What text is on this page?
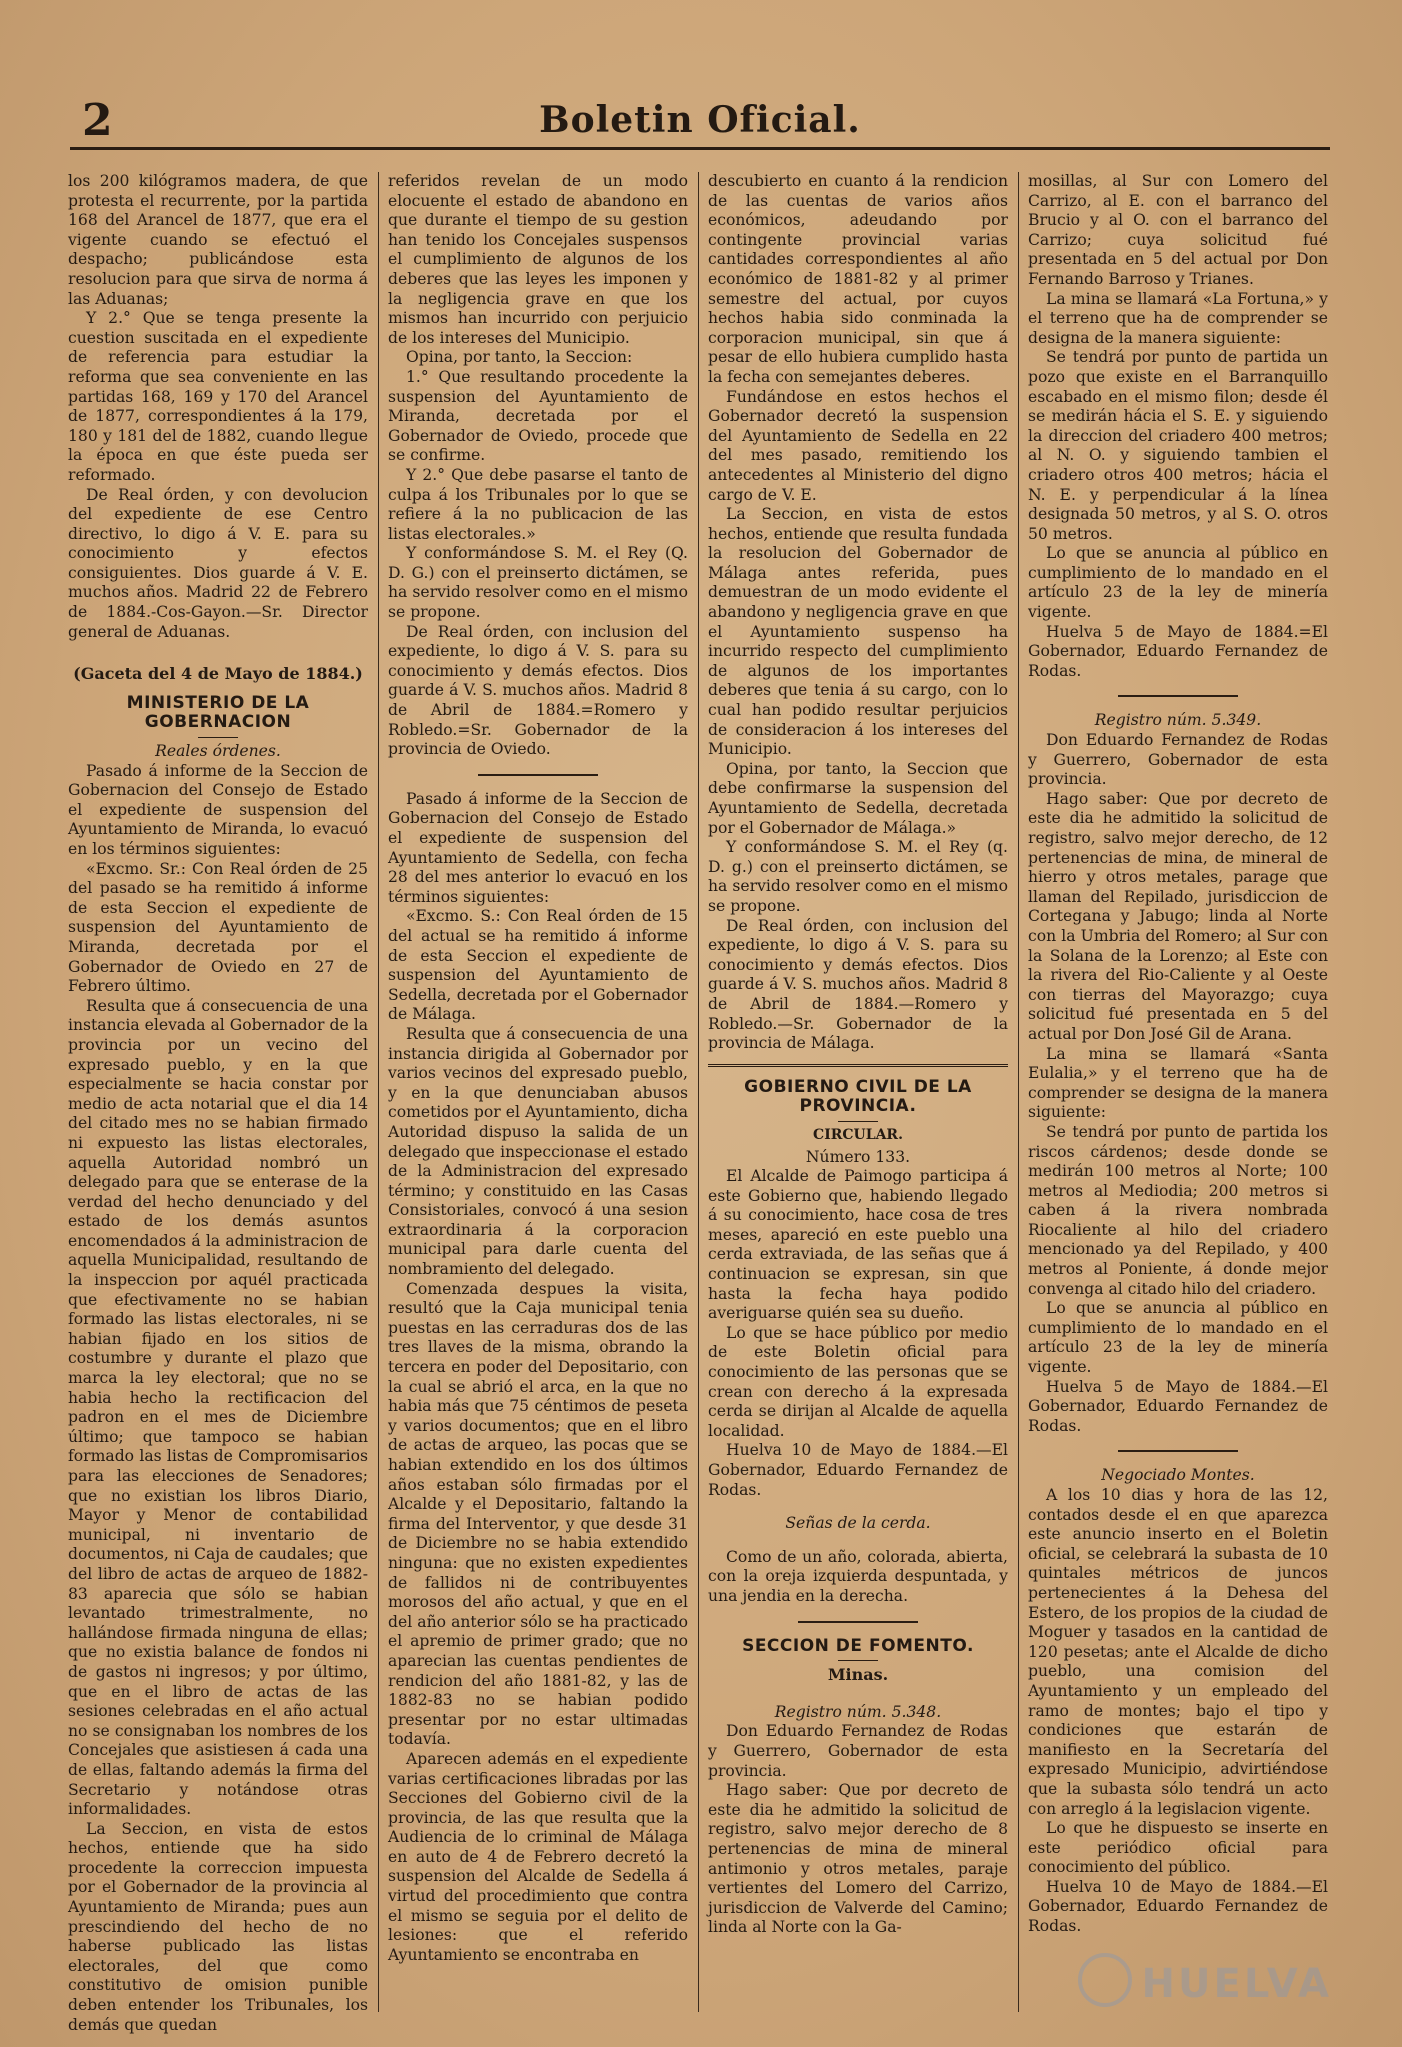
2	Boletin Oficial.

los 200 kilógramos madera, de que protesta el recurrente, por la partida 168 del Arancel de 1877, que era el vigente cuando se efectuó el despacho; publicándose esta resolucion para que sirva de norma á las Aduanas;

Y 2.° Que se tenga presente la cuestion suscitada en el expediente de referencia para estudiar la reforma que sea conveniente en las partidas 168, 169 y 170 del Arancel de 1877, correspondientes á la 179, 180 y 181 del de 1882, cuando llegue la época en que éste pueda ser reformado.

De Real órden, y con devolucion del expediente de ese Centro directivo, lo digo á V. E. para su conocimiento y efectos consiguientes. Dios guarde á V. E. muchos años. Madrid 22 de Febrero de 1884.-Cos-Gayon.—Sr. Director general de Aduanas.

(Gaceta del 4 de Mayo de 1884.)
MINISTERIO DE LA GOBERNACION

Reales órdenes.

Pasado á informe de la Seccion de Gobernacion del Consejo de Estado el expediente de suspension del Ayuntamiento de Miranda, lo evacuó en los términos siguientes:

«Excmo. Sr.: Con Real órden de 25 del pasado se ha remitido á informe de esta Seccion el expediente de suspension del Ayuntamiento de Miranda, decretada por el Gobernador de Oviedo en 27 de Febrero último.

Resulta que á consecuencia de una instancia elevada al Gobernador de la provincia por un vecino del expresado pueblo, y en la que especialmente se hacia constar por medio de acta notarial que el dia 14 del citado mes no se habian firmado ni expuesto las listas electorales, aquella Autoridad nombró un delegado para que se enterase de la verdad del hecho denunciado y del estado de los demás asuntos encomendados á la administracion de aquella Municipalidad, resultando de la inspeccion por aquél practicada que efectivamente no se habian formado las listas electorales, ni se habian fijado en los sitios de costumbre y durante el plazo que marca la ley electoral; que no se habia hecho la rectificacion del padron en el mes de Diciembre último; que tampoco se habian formado las listas de Compromisarios para las elecciones de Senadores; que no existian los libros Diario, Mayor y Menor de contabilidad municipal, ni inventario de documentos, ni Caja de caudales; que del libro de actas de arqueo de 1882-83 aparecia que sólo se habian levantado trimestralmente, no hallándose firmada ninguna de ellas; que no existia balance de fondos ni de gastos ni ingresos; y por último, que en el libro de actas de las sesiones celebradas en el año actual no se consignaban los nombres de los Concejales que asistiesen á cada una de ellas, faltando además la firma del Secretario y notándose otras informalidades.

La Seccion, en vista de estos hechos, entiende que ha sido procedente la correccion impuesta por el Gobernador de la provincia al Ayuntamiento de Miranda; pues aun prescindiendo del hecho de no haberse publicado las listas electorales, del que como constitutivo de omision punible deben entender los Tribunales, los demás que quedan

referidos revelan de un modo elocuente el estado de abandono en que durante el tiempo de su gestion han tenido los Concejales suspensos el cumplimiento de algunos de los deberes que las leyes les imponen y la negligencia grave en que los mismos han incurrido con perjuicio de los intereses del Municipio.

Opina, por tanto, la Seccion:

1.° Que resultando procedente la suspension del Ayuntamiento de Miranda, decretada por el Gobernador de Oviedo, procede que se confirme.

Y 2.° Que debe pasarse el tanto de culpa á los Tribunales por lo que se refiere á la no publicacion de las listas electorales.»

Y conformándose S. M. el Rey (Q. D. G.) con el preinserto dictámen, se ha servido resolver como en el mismo se propone.

De Real órden, con inclusion del expediente, lo digo á V. S. para su conocimiento y demás efectos. Dios guarde á V. S. muchos años. Madrid 8 de Abril de 1884.=Romero y Robledo.=Sr. Gobernador de la provincia de Oviedo.

Pasado á informe de la Seccion de Gobernacion del Consejo de Estado el expediente de suspension del Ayuntamiento de Sedella, con fecha 28 del mes anterior lo evacuó en los términos siguientes:

«Excmo. S.: Con Real órden de 15 del actual se ha remitido á informe de esta Seccion el expediente de suspension del Ayuntamiento de Sedella, decretada por el Gobernador de Málaga.

Resulta que á consecuencia de una instancia dirigida al Gobernador por varios vecinos del expresado pueblo, y en la que denunciaban abusos cometidos por el Ayuntamiento, dicha Autoridad dispuso la salida de un delegado que inspeccionase el estado de la Administracion del expresado término; y constituido en las Casas Consistoriales, convocó á una sesion extraordinaria á la corporacion municipal para darle cuenta del nombramiento del delegado.

Comenzada despues la visita, resultó que la Caja municipal tenia puestas en las cerraduras dos de las tres llaves de la misma, obrando la tercera en poder del Depositario, con la cual se abrió el arca, en la que no habia más que 75 céntimos de peseta y varios documentos; que en el libro de actas de arqueo, las pocas que se habian extendido en los dos últimos años estaban sólo firmadas por el Alcalde y el Depositario, faltando la firma del Interventor, y que desde 31 de Diciembre no se habia extendido ninguna: que no existen expedientes de fallidos ni de contribuyentes morosos del año actual, y que en el del año anterior sólo se ha practicado el apremio de primer grado; que no aparecian las cuentas pendientes de rendicion del año 1881-82, y las de 1882-83 no se habian podido presentar por no estar ultimadas todavía.

Aparecen además en el expediente varias certificaciones libradas por las Secciones del Gobierno civil de la provincia, de las que resulta que la Audiencia de lo criminal de Málaga en auto de 4 de Febrero decretó la suspension del Alcalde de Sedella á virtud del procedimiento que contra el mismo se seguia por el delito de lesiones: que el referido Ayuntamiento se encontraba en

descubierto en cuanto á la rendicion de las cuentas de varios años económicos, adeudando por contingente provincial varias cantidades correspondientes al año económico de 1881-82 y al primer semestre del actual, por cuyos hechos habia sido conminada la corporacion municipal, sin que á pesar de ello hubiera cumplido hasta la fecha con semejantes deberes.

Fundándose en estos hechos el Gobernador decretó la suspension del Ayuntamiento de Sedella en 22 del mes pasado, remitiendo los antecedentes al Ministerio del digno cargo de V. E.

La Seccion, en vista de estos hechos, entiende que resulta fundada la resolucion del Gobernador de Málaga antes referida, pues demuestran de un modo evidente el abandono y negligencia grave en que el Ayuntamiento suspenso ha incurrido respecto del cumplimiento de algunos de los importantes deberes que tenia á su cargo, con lo cual han podido resultar perjuicios de consideracion á los intereses del Municipio.

Opina, por tanto, la Seccion que debe confirmarse la suspension del Ayuntamiento de Sedella, decretada por el Gobernador de Málaga.»

Y conformándose S. M. el Rey (q. D. g.) con el preinserto dictámen, se ha servido resolver como en el mismo se propone.

De Real órden, con inclusion del expediente, lo digo á V. S. para su conocimiento y demás efectos. Dios guarde á V. S. muchos años. Madrid 8 de Abril de 1884.—Romero y Robledo.—Sr. Gobernador de la provincia de Málaga.

GOBIERNO CIVIL DE LA PROVINCIA.
CIRCULAR.

Número 133.

El Alcalde de Paimogo participa á este Gobierno que, habiendo llegado á su conocimiento, hace cosa de tres meses, apareció en este pueblo una cerda extraviada, de las señas que á continuacion se expresan, sin que hasta la fecha haya podido averiguarse quién sea su dueño.

Lo que se hace público por medio de este Boletin oficial para conocimiento de las personas que se crean con derecho á la expresada cerda se dirijan al Alcalde de aquella localidad.

Huelva 10 de Mayo de 1884.—El Gobernador, Eduardo Fernandez de Rodas.

Señas de la cerda.

Como de un año, colorada, abierta, con la oreja izquierda despuntada, y una jendia en la derecha.

SECCION DE FOMENTO.
Minas.

Registro núm. 5.348.

Don Eduardo Fernandez de Rodas y Guerrero, Gobernador de esta provincia.

Hago saber: Que por decreto de este dia he admitido la solicitud de registro, salvo mejor derecho de 8 pertenencias de mina de mineral antimonio y otros metales, paraje vertientes del Lomero del Carrizo, jurisdiccion de Valverde del Camino; linda al Norte con la Ga-

mosillas, al Sur con Lomero del Carrizo, al E. con el barranco del Brucio y al O. con el barranco del Carrizo; cuya solicitud fué presentada en 5 del actual por Don Fernando Barroso y Trianes.

La mina se llamará «La Fortuna,» y el terreno que ha de comprender se designa de la manera siguiente:

Se tendrá por punto de partida un pozo que existe en el Barranquillo escabado en el mismo filon; desde él se medirán hácia el S. E. y siguiendo la direccion del criadero 400 metros; al N. O. y siguiendo tambien el criadero otros 400 metros; hácia el N. E. y perpendicular á la línea designada 50 metros, y al S. O. otros 50 metros.

Lo que se anuncia al público en cumplimiento de lo mandado en el artículo 23 de la ley de minería vigente.

Huelva 5 de Mayo de 1884.=El Gobernador, Eduardo Fernandez de Rodas.

Registro núm. 5.349.

Don Eduardo Fernandez de Rodas y Guerrero, Gobernador de esta provincia.

Hago saber: Que por decreto de este dia he admitido la solicitud de registro, salvo mejor derecho, de 12 pertenencias de mina, de mineral de hierro y otros metales, parage que llaman del Repilado, jurisdiccion de Cortegana y Jabugo; linda al Norte con la Umbria del Romero; al Sur con la Solana de la Lorenzo; al Este con la rivera del Rio-Caliente y al Oeste con tierras del Mayorazgo; cuya solicitud fué presentada en 5 del actual por Don José Gil de Arana.

La mina se llamará «Santa Eulalia,» y el terreno que ha de comprender se designa de la manera siguiente:

Se tendrá por punto de partida los riscos cárdenos; desde donde se medirán 100 metros al Norte; 100 metros al Mediodia; 200 metros si caben á la rivera nombrada Riocaliente al hilo del criadero mencionado ya del Repilado, y 400 metros al Poniente, á donde mejor convenga al citado hilo del criadero.

Lo que se anuncia al público en cumplimiento de lo mandado en el artículo 23 de la ley de minería vigente.

Huelva 5 de Mayo de 1884.—El Gobernador, Eduardo Fernandez de Rodas.

Negociado Montes.

A los 10 dias y hora de las 12, contados desde el en que aparezca este anuncio inserto en el Boletin oficial, se celebrará la subasta de 10 quintales métricos de juncos pertenecientes á la Dehesa del Estero, de los propios de la ciudad de Moguer y tasados en la cantidad de 120 pesetas; ante el Alcalde de dicho pueblo, una comision del Ayuntamiento y un empleado del ramo de montes; bajo el tipo y condiciones que estarán de manifiesto en la Secretaría del expresado Municipio, advirtiéndose que la subasta sólo tendrá un acto con arreglo á la legislacion vigente.

Lo que he dispuesto se inserte en este periódico oficial para conocimiento del público.

Huelva 10 de Mayo de 1884.—El Gobernador, Eduardo Fernandez de Rodas.

HUELVA
